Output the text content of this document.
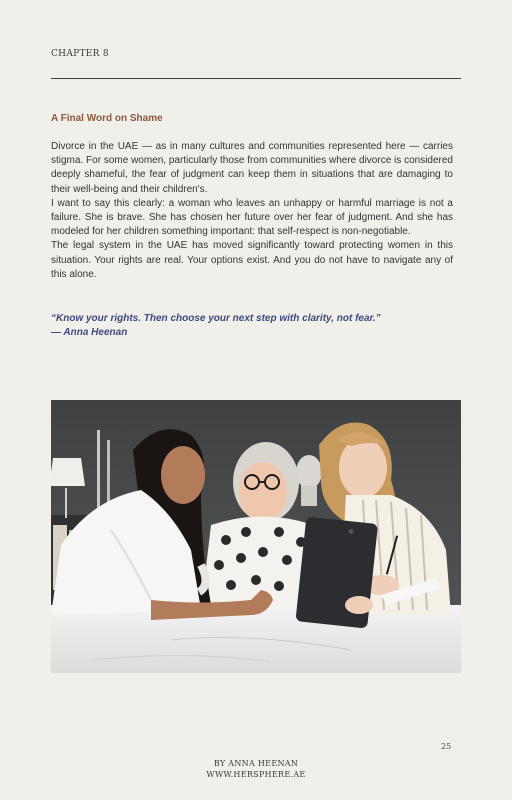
CHAPTER 8
A Final Word on Shame

Divorce in the UAE — as in many cultures and communities represented here — carries stigma. For some women, particularly those from communities where divorce is considered deeply shameful, the fear of judgment can keep them in situations that are damaging to their well-being and their children's.

I want to say this clearly: a woman who leaves an unhappy or harmful marriage is not a failure. She is brave. She has chosen her future over her fear of judgment. And she has modeled for her children something important: that self-respect is non-negotiable.

The legal system in the UAE has moved significantly toward protecting women in this situation. Your rights are real. Your options exist. And you do not have to navigate any of this alone.

“Know your rights. Then choose your next step with clarity, not fear.”
— Anna Heenan
25
BY ANNA HEENAN
WWW.HERSPHERE.AE
